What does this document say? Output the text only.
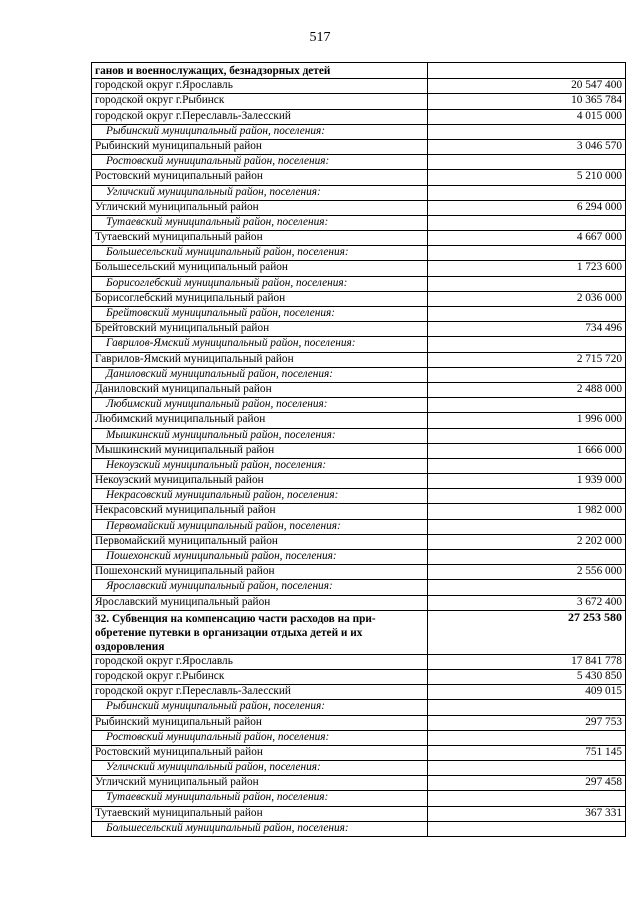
517
ганов и военнослужащих, безнадзорных детей	
городской округ г.Ярославль	20 547 400
городской округ г.Рыбинск	10 365 784
городской округ г.Переславль-Залесский	4 015 000
Рыбинский муниципальный район, поселения:	
Рыбинский муниципальный район	3 046 570
Ростовский муниципальный район, поселения:	
Ростовский муниципальный район	5 210 000
Угличский муниципальный район, поселения:	
Угличский муниципальный район	6 294 000
Тутаевский муниципальный район, поселения:	
Тутаевский муниципальный район	4 667 000
Большесельский муниципальный район, поселения:	
Большесельский муниципальный район	1 723 600
Борисоглебский муниципальный район, поселения:	
Борисоглебский муниципальный район	2 036 000
Брейтовский муниципальный район, поселения:	
Брейтовский муниципальный район	734 496
Гаврилов-Ямский муниципальный район, поселения:	
Гаврилов-Ямский муниципальный район	2 715 720
Даниловский муниципальный район, поселения:	
Даниловский муниципальный район	2 488 000
Любимский муниципальный район, поселения:	
Любимский муниципальный район	1 996 000
Мышкинский муниципальный район, поселения:	
Мышкинский муниципальный район	1 666 000
Некоузский муниципальный район, поселения:	
Некоузский муниципальный район	1 939 000
Некрасовский муниципальный район, поселения:	
Некрасовский муниципальный район	1 982 000
Первомайский муниципальный район, поселения:	
Первомайский муниципальный район	2 202 000
Пошехонский муниципальный район, поселения:	
Пошехонский муниципальный район	2 556 000
Ярославский муниципальный район, поселения:	
Ярославский муниципальный район	3 672 400
32. Субвенция на компенсацию части расходов на при-обретение путевки в организации отдыха детей и их оздоровления	27 253 580
городской округ г.Ярославль	17 841 778
городской округ г.Рыбинск	5 430 850
городской округ г.Переславль-Залесский	409 015
Рыбинский муниципальный район, поселения:	
Рыбинский муниципальный район	297 753
Ростовский муниципальный район, поселения:	
Ростовский муниципальный район	751 145
Угличский муниципальный район, поселения:	
Угличский муниципальный район	297 458
Тутаевский муниципальный район, поселения:	
Тутаевский муниципальный район	367 331
Большесельский муниципальный район, поселения:	
